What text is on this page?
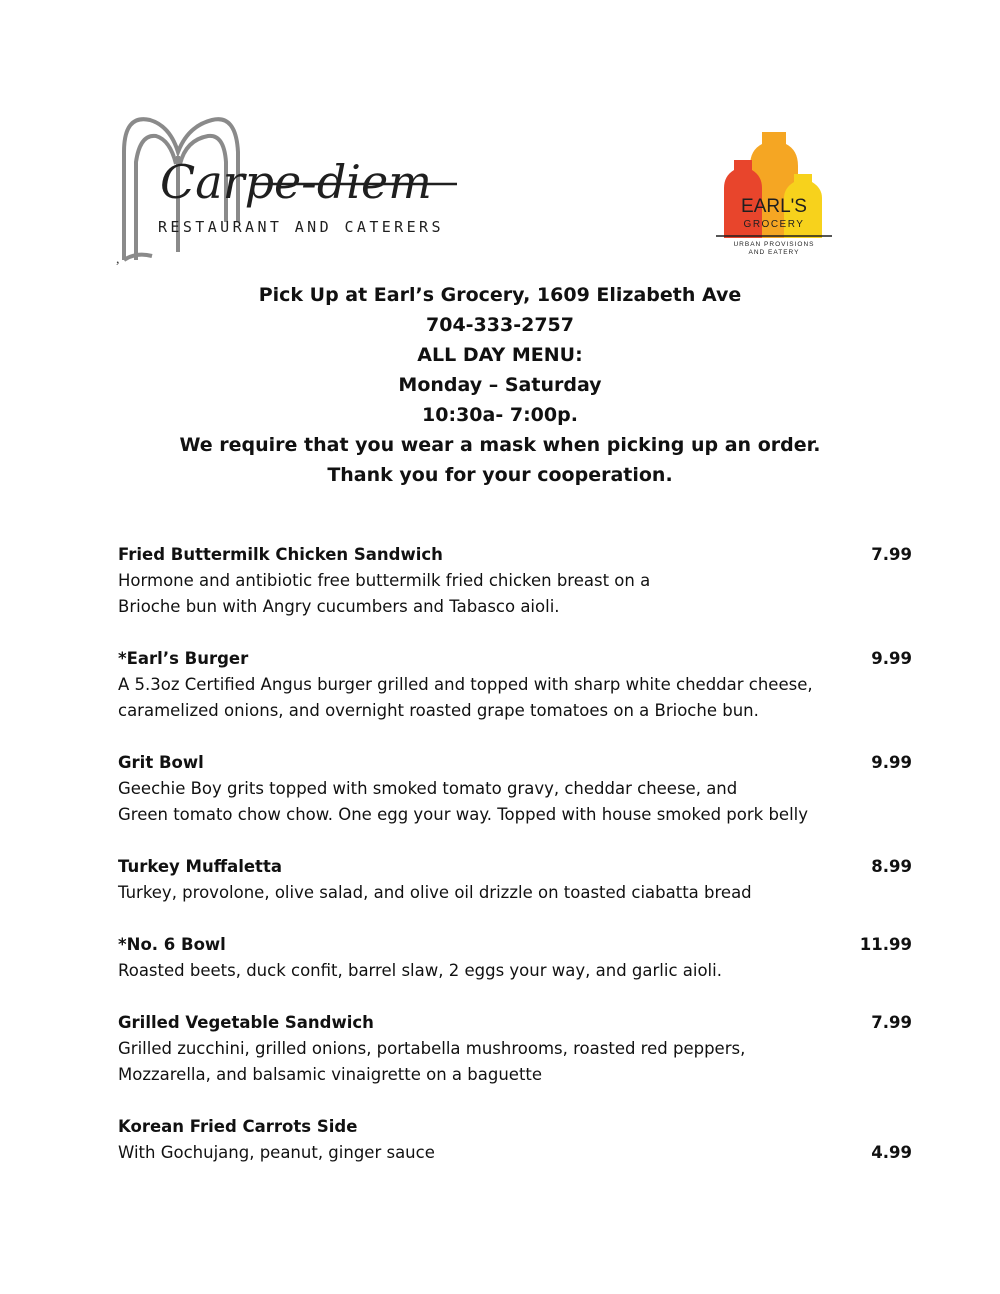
Carpe-diem
RESTAURANT AND CATERERS
,
EARL'S
GROCERY
URBAN PROVISIONS
AND EATERY
Pick Up at Earl’s Grocery, 1609 Elizabeth Ave
704-333-2757
ALL DAY MENU:
Monday – Saturday
10:30a- 7:00p.
We require that you wear a mask when picking up an order.
Thank you for your cooperation.
Fried Buttermilk Chicken Sandwich	7.99
Hormone and antibiotic free buttermilk fried chicken breast on a
Brioche bun with Angry cucumbers and Tabasco aioli.
*Earl’s Burger	9.99
A 5.3oz Certified Angus burger grilled and topped with sharp white cheddar cheese,
caramelized onions, and overnight roasted grape tomatoes on a Brioche bun.
Grit Bowl	9.99
Geechie Boy grits topped with smoked tomato gravy, cheddar cheese, and
Green tomato chow chow. One egg your way. Topped with house smoked pork belly
Turkey Muffaletta	8.99
Turkey, provolone, olive salad, and olive oil drizzle on toasted ciabatta bread
*No. 6 Bowl	11.99
Roasted beets, duck confit, barrel slaw, 2 eggs your way, and garlic aioli.
Grilled Vegetable Sandwich	7.99
Grilled zucchini, grilled onions, portabella mushrooms, roasted red peppers,
Mozzarella, and balsamic vinaigrette on a baguette
Korean Fried Carrots Side
With Gochujang, peanut, ginger sauce	4.99
